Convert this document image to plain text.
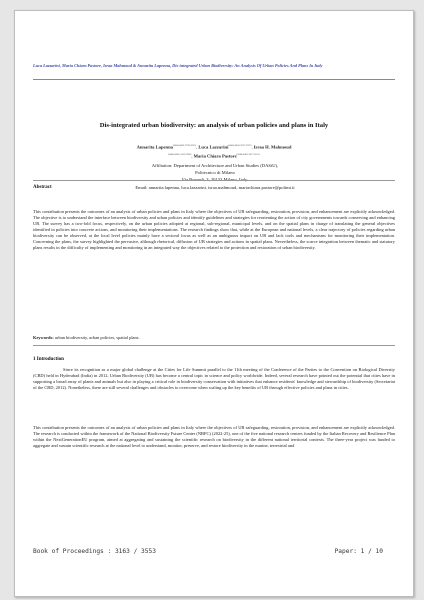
Luca Lazzarini, Maria Chiara Pastore, Israa Mahmoud & Annarita Lapenna, Dis-integrated Urban Biodiversity: An Analysis Of Urban Policies And Plans In Italy
Dis-integrated urban biodiversity: an analysis of urban policies and plans in Italy
Annarita Lapenna[0000-0002-7978-5925], Luca Lazzarini[0000-0003-3237-7287], Israa H. Mahmoud
[0000-0002-5413-5996], Maria Chiara Pastore[0000-0002-3077-6151]
Affiliation: Department of Architecture and Urban Studies (DAStU),
Politecnico di Milano
Via Bonardi, 3, 20133 Milano, Italy.
Email: annarita.lapenna, luca.lazzarini, israa.mahmoud, mariachiara.pastore@polimi.it
Abstract
This contribution presents the outcomes of an analysis of urban policies and plans in Italy where the objectives of UB safeguarding, restoration, provision, and enhancement are explicitly acknowledged. The objective is to understand the interface between biodiversity and urban policies and identify guidelines and strategies for reorienting the action of city governments towards conserving and enhancing UB. The survey has a two-fold focus, respectively, on the urban policies adopted at regional, sub-regional, municipal levels, and on the spatial plans in charge of translating the general objectives identified in policies into concrete actions, and monitoring their implementations. The research findings show that, while at the European and national levels, a clear trajectory of policies regarding urban biodiversity can be observed, at the local level policies mainly have a sectoral focus as well as an ambiguous impact on UB and lack tools and mechanisms for monitoring their implementation. Concerning the plans, the survey highlighted the pervasive, although rhetorical, diffusion of UB strategies and actions in spatial plans. Nevertheless, the scarce integration between thematic and statutory plans results in the difficulty of implementing and monitoring in an integrated way the objectives related to the protection and restoration of urban biodiversity.
Keywords: urban biodiversity, urban policies, spatial plans.
1 Introduction
Since its recognition as a major global challenge at the Cities for Life Summit parallel to the 11th meeting of the Conference of the Parties to the Convention on Biological Diversity (CBD) held in Hyderabad (India) in 2012, Urban Biodiversity (UB) has become a central topic in science and policy worldwide. Indeed, several research have pointed out the potential that cities have in supporting a broad array of plants and animals but also in playing a critical role in biodiversity conservation with initiatives that enhance residents' knowledge and stewardship of biodiversity (Secretariat of the CBD, 2012). Nonetheless, there are still several challenges and obstacles to overcome when scaling up the key benefits of UB through effective policies and plans in cities.
This contribution presents the outcomes of an analysis of urban policies and plans in Italy where the objectives of UB safeguarding, restoration, provision, and enhancement are explicitly acknowledged. The research is conducted within the framework of the National Biodiversity Future Center (NBFC) (2022-25), one of the five national research centers funded by the Italian Recovery and Resilience Plan within the NextGenerationEU program, aimed at aggregating and sustaining the scientific research on biodiversity in the different national territorial contexts. The three-year project was funded to aggregate and sustain scientific research at the national level to understand, monitor, preserve, and restore biodiversity in the marine, terrestrial and
Book of Proceedings : 3163 / 3553	Paper: 1 / 10
